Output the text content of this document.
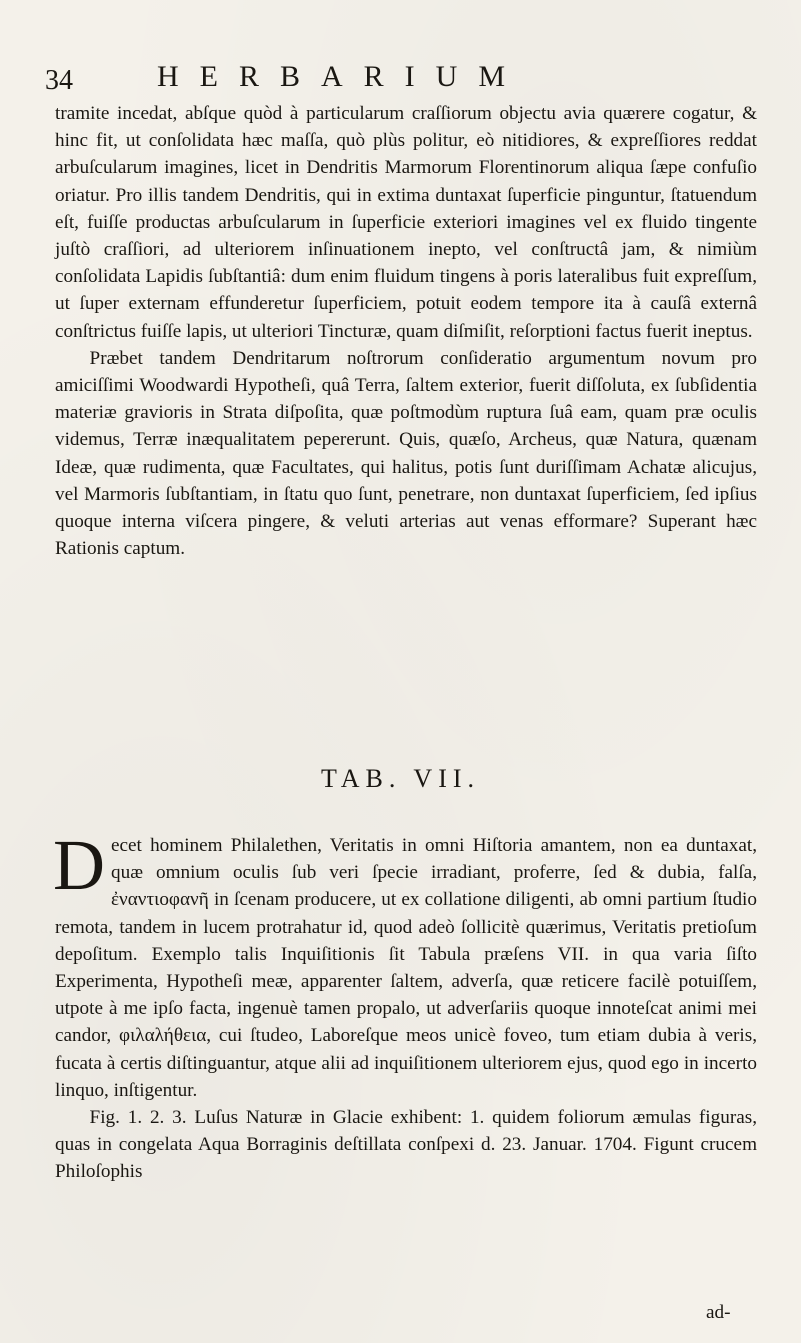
34	HERBARIUM

tramite incedat, abſque quòd à particularum craſſiorum objectu avia quærere cogatur, & hinc fit, ut conſolidata hæc maſſa, quò plùs politur, eò nitidiores, & expreſſiores reddat arbuſcularum imagines, licet in Dendritis Marmorum Florentinorum aliqua ſæpe confuſio oriatur. Pro illis tandem Dendritis, qui in extima duntaxat ſuperficie pinguntur, ſtatuendum eſt, fuiſſe productas arbuſcularum in ſuperficie exteriori imagines vel ex fluido tingente juſtò craſſiori, ad ulteriorem inſinuationem inepto, vel conſtructâ jam, & nimiùm conſolidata Lapidis ſubſtantiâ: dum enim fluidum tingens à poris lateralibus fuit expreſſum, ut ſuper externam effunderetur ſuperficiem, potuit eodem tempore ita à cauſâ externâ conſtrictus fuiſſe lapis, ut ulteriori Tincturæ, quam diſmiſit, reſorptioni factus fuerit ineptus.

Præbet tandem Dendritarum noſtrorum conſideratio argumentum novum pro amiciſſimi Woodwardi Hypotheſi, quâ Terra, ſaltem exterior, fuerit diſſoluta, ex ſubſidentia materiæ gravioris in Strata diſpoſita, quæ poſtmodùm ruptura ſuâ eam, quam præ oculis videmus, Terræ inæqualitatem pepererunt. Quis, quæſo, Archeus, quæ Natura, quænam Ideæ, quæ rudimenta, quæ Facultates, qui halitus, potis ſunt duriſſimam Achatæ alicujus, vel Marmoris ſubſtantiam, in ſtatu quo ſunt, penetrare, non duntaxat ſuperficiem, ſed ipſius quoque interna viſcera pingere, & veluti arterias aut venas efformare? Superant hæc Rationis captum.

TAB. VII.

Decet hominem Philalethen, Veritatis in omni Hiſtoria amantem, non ea duntaxat, quæ omnium oculis ſub veri ſpecie irradiant, proferre, ſed & dubia, falſa, ἐναντιοφανῆ in ſcenam producere, ut ex collatione diligenti, ab omni partium ſtudio remota, tandem in lucem protrahatur id, quod adeò ſollicitè quærimus, Veritatis pretioſum depoſitum. Exemplo talis Inquiſitionis ſit Tabula præſens VII. in qua varia ſiſto Experimenta, Hypotheſi meæ, apparenter ſaltem, adverſa, quæ reticere facilè potuiſſem, utpote à me ipſo facta, ingenuè tamen propalo, ut adverſariis quoque innoteſcat animi mei candor, φιλαλήθεια, cui ſtudeo, Laboreſque meos unicè foveo, tum etiam dubia à veris, fucata à certis diſtinguantur, atque alii ad inquiſitionem ulteriorem ejus, quod ego in incerto linquo, inſtigentur.

Fig. 1. 2. 3. Luſus Naturæ in Glacie exhibent: 1. quidem foliorum æmulas figuras, quas in congelata Aqua Borraginis deſtillata conſpexi d. 23. Januar. 1704. Figunt crucem Philoſophis

ad-
